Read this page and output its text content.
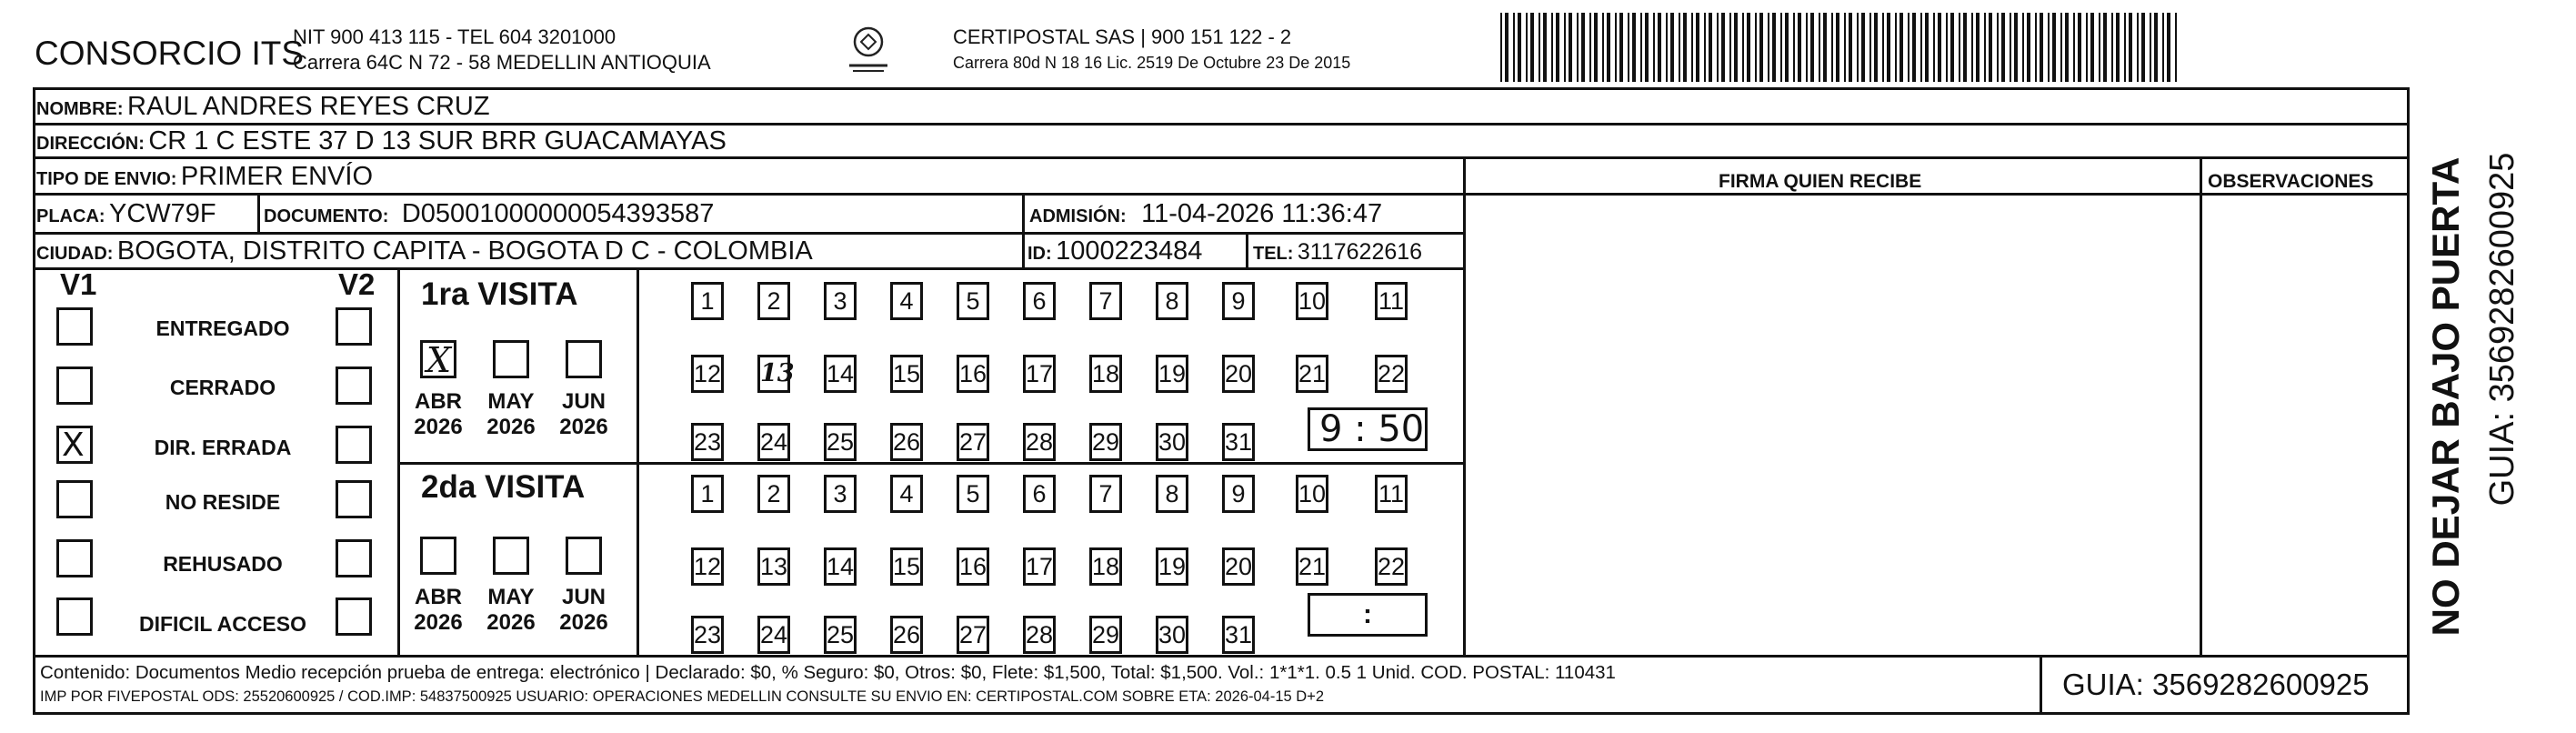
CONSORCIO ITS
NIT 900 413 115 - TEL 604 3201000
Carrera 64C N 72 - 58 MEDELLIN ANTIOQUIA
CERTIPOSTAL SAS | 900 151 122 - 2
Carrera 80d N 18 16 Lic. 2519 De Octubre 23 De 2015
NOMBRE: RAUL ANDRES REYES CRUZ
DIRECCIÓN: CR 1 C ESTE 37 D 13 SUR BRR GUACAMAYAS
TIPO DE ENVIO: PRIMER ENVÍO
PLACA: YCW79F	DOCUMENTO: D05001000000054393587	ADMISIÓN: 11-04-2026 11:36:47
CIUDAD: BOGOTA, DISTRITO CAPITA - BOGOTA D C - COLOMBIA	ID: 1000223484	TEL: 3117622616
FIRMA QUIEN RECIBE	OBSERVACIONES
V1	V2
ENTREGADO
CERRADO
X	DIR. ERRADA
NO RESIDE
REHUSADO
DIFICIL ACCESO
1ra VISITA
X
ABR
2026
MAY
2026
JUN
2026
1	2	3	4	5	6	7	8	9	10 11
12 13 14 15 16 17 18 19 20 21 22
23 24 25 26 27 28 29 30 31 9 : 50
2da VISITA
ABR
2026
MAY
2026
JUN
2026
1	2	3	4	5	6	7	8	9	10 11
12 13 14 15 16 17 18 19 20 21 22
23 24 25 26 27 28 29 30 31
:
Contenido: Documentos Medio recepción prueba de entrega: electrónico | Declarado: $0, % Seguro: $0, Otros: $0, Flete: $1,500, Total: $1,500. Vol.: 1*1*1. 0.5 1 Unid. COD. POSTAL: 110431
IMP POR FIVEPOSTAL ODS: 25520600925 / COD.IMP: 54837500925 USUARIO: OPERACIONES MEDELLIN CONSULTE SU ENVIO EN: CERTIPOSTAL.COM SOBRE ETA: 2026-04-15 D+2	GUIA: 3569282600925
NO DEJAR BAJO PUERTA GUIA: 3569282600925
